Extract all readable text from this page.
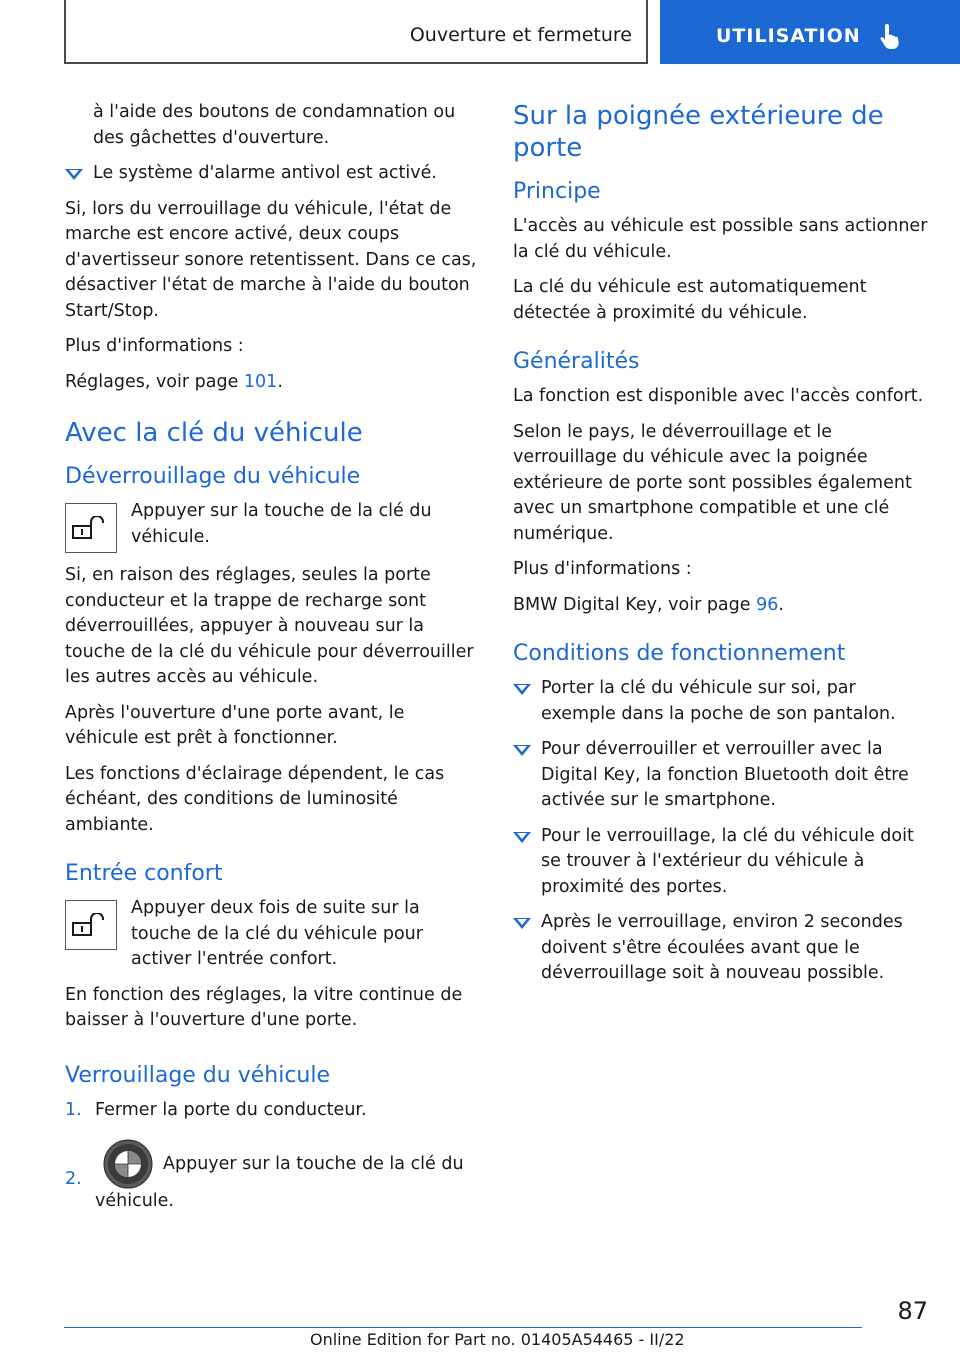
Ouverture et fermeture	UTILISATION

à l'aide des boutons de condamnation ou des gâchettes d'ouverture.

Le système d'alarme antivol est activé.

Si, lors du verrouillage du véhicule, l'état de marche est encore activé, deux coups d'avertisseur sonore retentissent. Dans ce cas, désactiver l'état de marche à l'aide du bouton Start/Stop.

Plus d'informations :

Réglages, voir page 101.

Avec la clé du véhicule
Déverrouillage du véhicule

Appuyer sur la touche de la clé du véhicule.

Si, en raison des réglages, seules la porte conducteur et la trappe de recharge sont déverrouillées, appuyer à nouveau sur la touche de la clé du véhicule pour déverrouiller les autres accès au véhicule.

Après l'ouverture d'une porte avant, le véhicule est prêt à fonctionner.

Les fonctions d'éclairage dépendent, le cas échéant, des conditions de luminosité ambiante.

Entrée confort

Appuyer deux fois de suite sur la touche de la clé du véhicule pour activer l'entrée confort.

En fonction des réglages, la vitre continue de baisser à l'ouverture d'une porte.

Verrouillage du véhicule
1. Fermer la porte du conducteur.
2.
Appuyer sur la touche de la clé du véhicule.
Sur la poignée extérieure de porte
Principe

L'accès au véhicule est possible sans actionner la clé du véhicule.

La clé du véhicule est automatiquement détectée à proximité du véhicule.

Généralités

La fonction est disponible avec l'accès confort.

Selon le pays, le déverrouillage et le verrouillage du véhicule avec la poignée extérieure de porte sont possibles également avec un smartphone compatible et une clé numérique.

Plus d'informations :

BMW Digital Key, voir page 96.

Conditions de fonctionnement
Porter la clé du véhicule sur soi, par exemple dans la poche de son pantalon.
Pour déverrouiller et verrouiller avec la Digital Key, la fonction Bluetooth doit être activée sur le smartphone.
Pour le verrouillage, la clé du véhicule doit se trouver à l'extérieur du véhicule à proximité des portes.
Après le verrouillage, environ 2 secondes doivent s'être écoulées avant que le déverrouillage soit à nouveau possible.
87
Online Edition for Part no. 01405A54465 - II/22
